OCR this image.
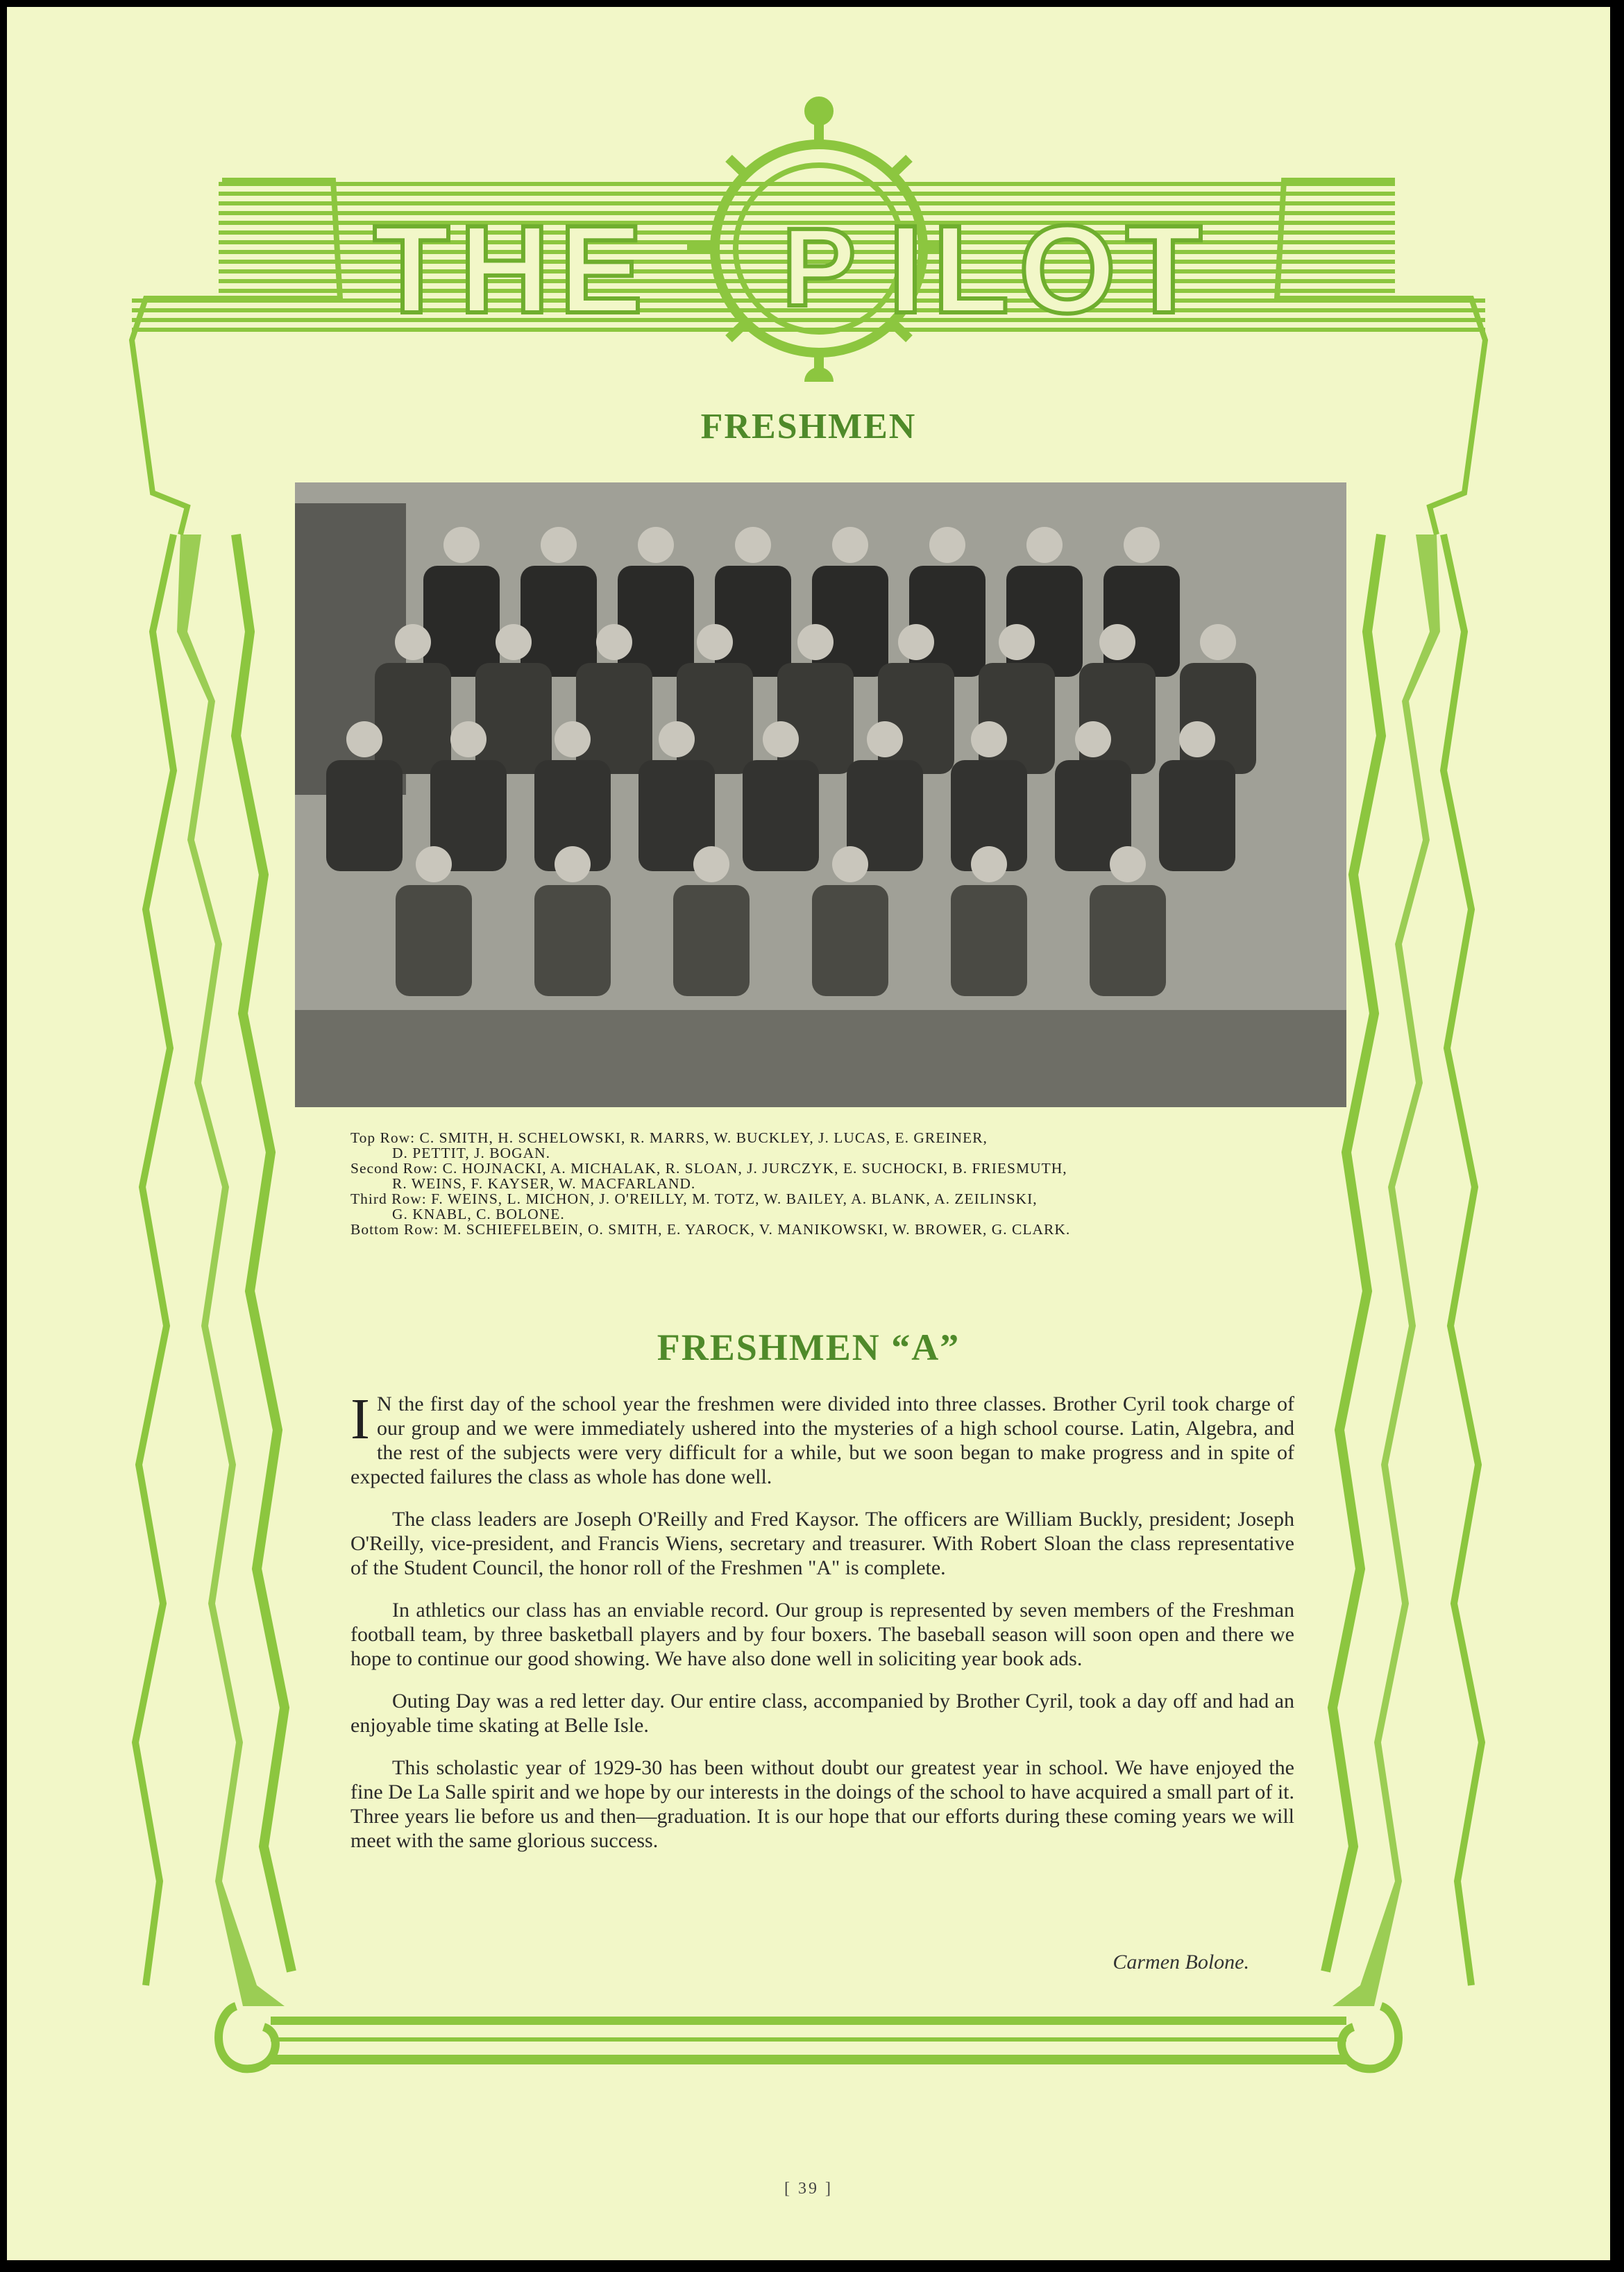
THE P ILOT
FRESHMEN
Top Row: C. SMITH, H. SCHELOWSKI, R. MARRS, W. BUCKLEY, J. LUCAS, E. GREINER,
D. PETTIT, J. BOGAN.
Second Row: C. HOJNACKI, A. MICHALAK, R. SLOAN, J. JURCZYK, E. SUCHOCKI, B. FRIESMUTH,
R. WEINS, F. KAYSER, W. MACFARLAND.
Third Row: F. WEINS, L. MICHON, J. O'REILLY, M. TOTZ, W. BAILEY, A. BLANK, A. ZEILINSKI,
G. KNABL, C. BOLONE.
Bottom Row: M. SCHIEFELBEIN, O. SMITH, E. YAROCK, V. MANIKOWSKI, W. BROWER, G. CLARK.
FRESHMEN “A”

I N the first day of the school year the freshmen were divided into three classes. Brother Cyril took charge of our group and we were immediately ushered into the mysteries of a high school course. Latin, Algebra, and the rest of the subjects were very difficult for a while, but we soon began to make progress and in spite of expected failures the class as whole has done well.

The class leaders are Joseph O'Reilly and Fred Kaysor. The officers are William Buckly, president; Joseph O'Reilly, vice-president, and Francis Wiens, secretary and treasurer. With Robert Sloan the class representative of the Student Council, the honor roll of the Freshmen "A" is complete.

In athletics our class has an enviable record. Our group is represented by seven members of the Freshman football team, by three basketball players and by four boxers. The baseball season will soon open and there we hope to continue our good showing. We have also done well in soliciting year book ads.

Outing Day was a red letter day. Our entire class, accompanied by Brother Cyril, took a day off and had an enjoyable time skating at Belle Isle.

This scholastic year of 1929-30 has been without doubt our greatest year in school. We have enjoyed the fine De La Salle spirit and we hope by our interests in the doings of the school to have acquired a small part of it. Three years lie before us and then—graduation. It is our hope that our efforts during these coming years we will meet with the same glorious success.

Carmen Bolone.
[ 39 ]
